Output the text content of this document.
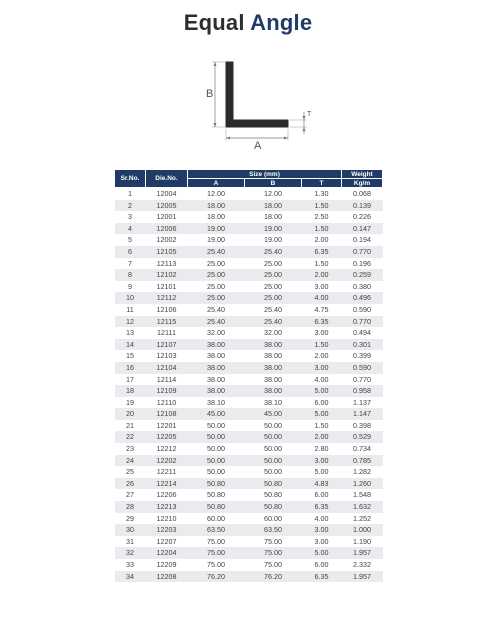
Equal Angle
B
A
T
Sr.No.	Die.No.	Size (mm)			Weight
		A	B	T	Kg/m
1	12004	12.00	12.00	1.30	0.068
2	12005	18.00	18.00	1.50	0.139
3	12001	18.00	18.00	2.50	0.226
4	12006	19.00	19.00	1.50	0.147
5	12002	19.00	19.00	2.00	0.194
6	12105	25.40	25.40	6.35	0.770
7	12113	25.00	25.00	1.50	0.196
8	12102	25.00	25.00	2.00	0.259
9	12101	25.00	25.00	3.00	0.380
10	12112	25.00	25.00	4.00	0.496
11	12106	25.40	25.40	4.75	0.590
12	12115	25.40	25.40	6.35	0.770
13	12111	32.00	32.00	3.00	0.494
14	12107	38.00	38.00	1.50	0.301
15	12103	38.00	38.00	2.00	0.399
16	12104	38.00	38.00	3.00	0.590
17	12114	38.00	38.00	4.00	0.770
18	12109	38.00	38.00	5.00	0.958
19	12110	38.10	38.10	6.00	1.137
20	12108	45.00	45.00	5.00	1.147
21	12201	50.00	50.00	1.50	0.398
22	12205	50.00	50.00	2.00	0.529
23	12212	50.00	50.00	2.80	0.734
24	12202	50.00	50.00	3.00	0.785
25	12211	50.00	50.00	5.00	1.282
26	12214	50.80	50.80	4.83	1.260
27	12206	50.80	50.80	6.00	1.548
28	12213	50.80	50.80	6.35	1.632
29	12210	60.00	60.00	4.00	1.252
30	12203	63.50	63.50	3.00	1.000
31	12207	75.00	75.00	3.00	1.190
32	12204	75.00	75.00	5.00	1.957
33	12209	75.00	75.00	6.00	2.332
34	12208	76.20	76.20	6.35	1.957
